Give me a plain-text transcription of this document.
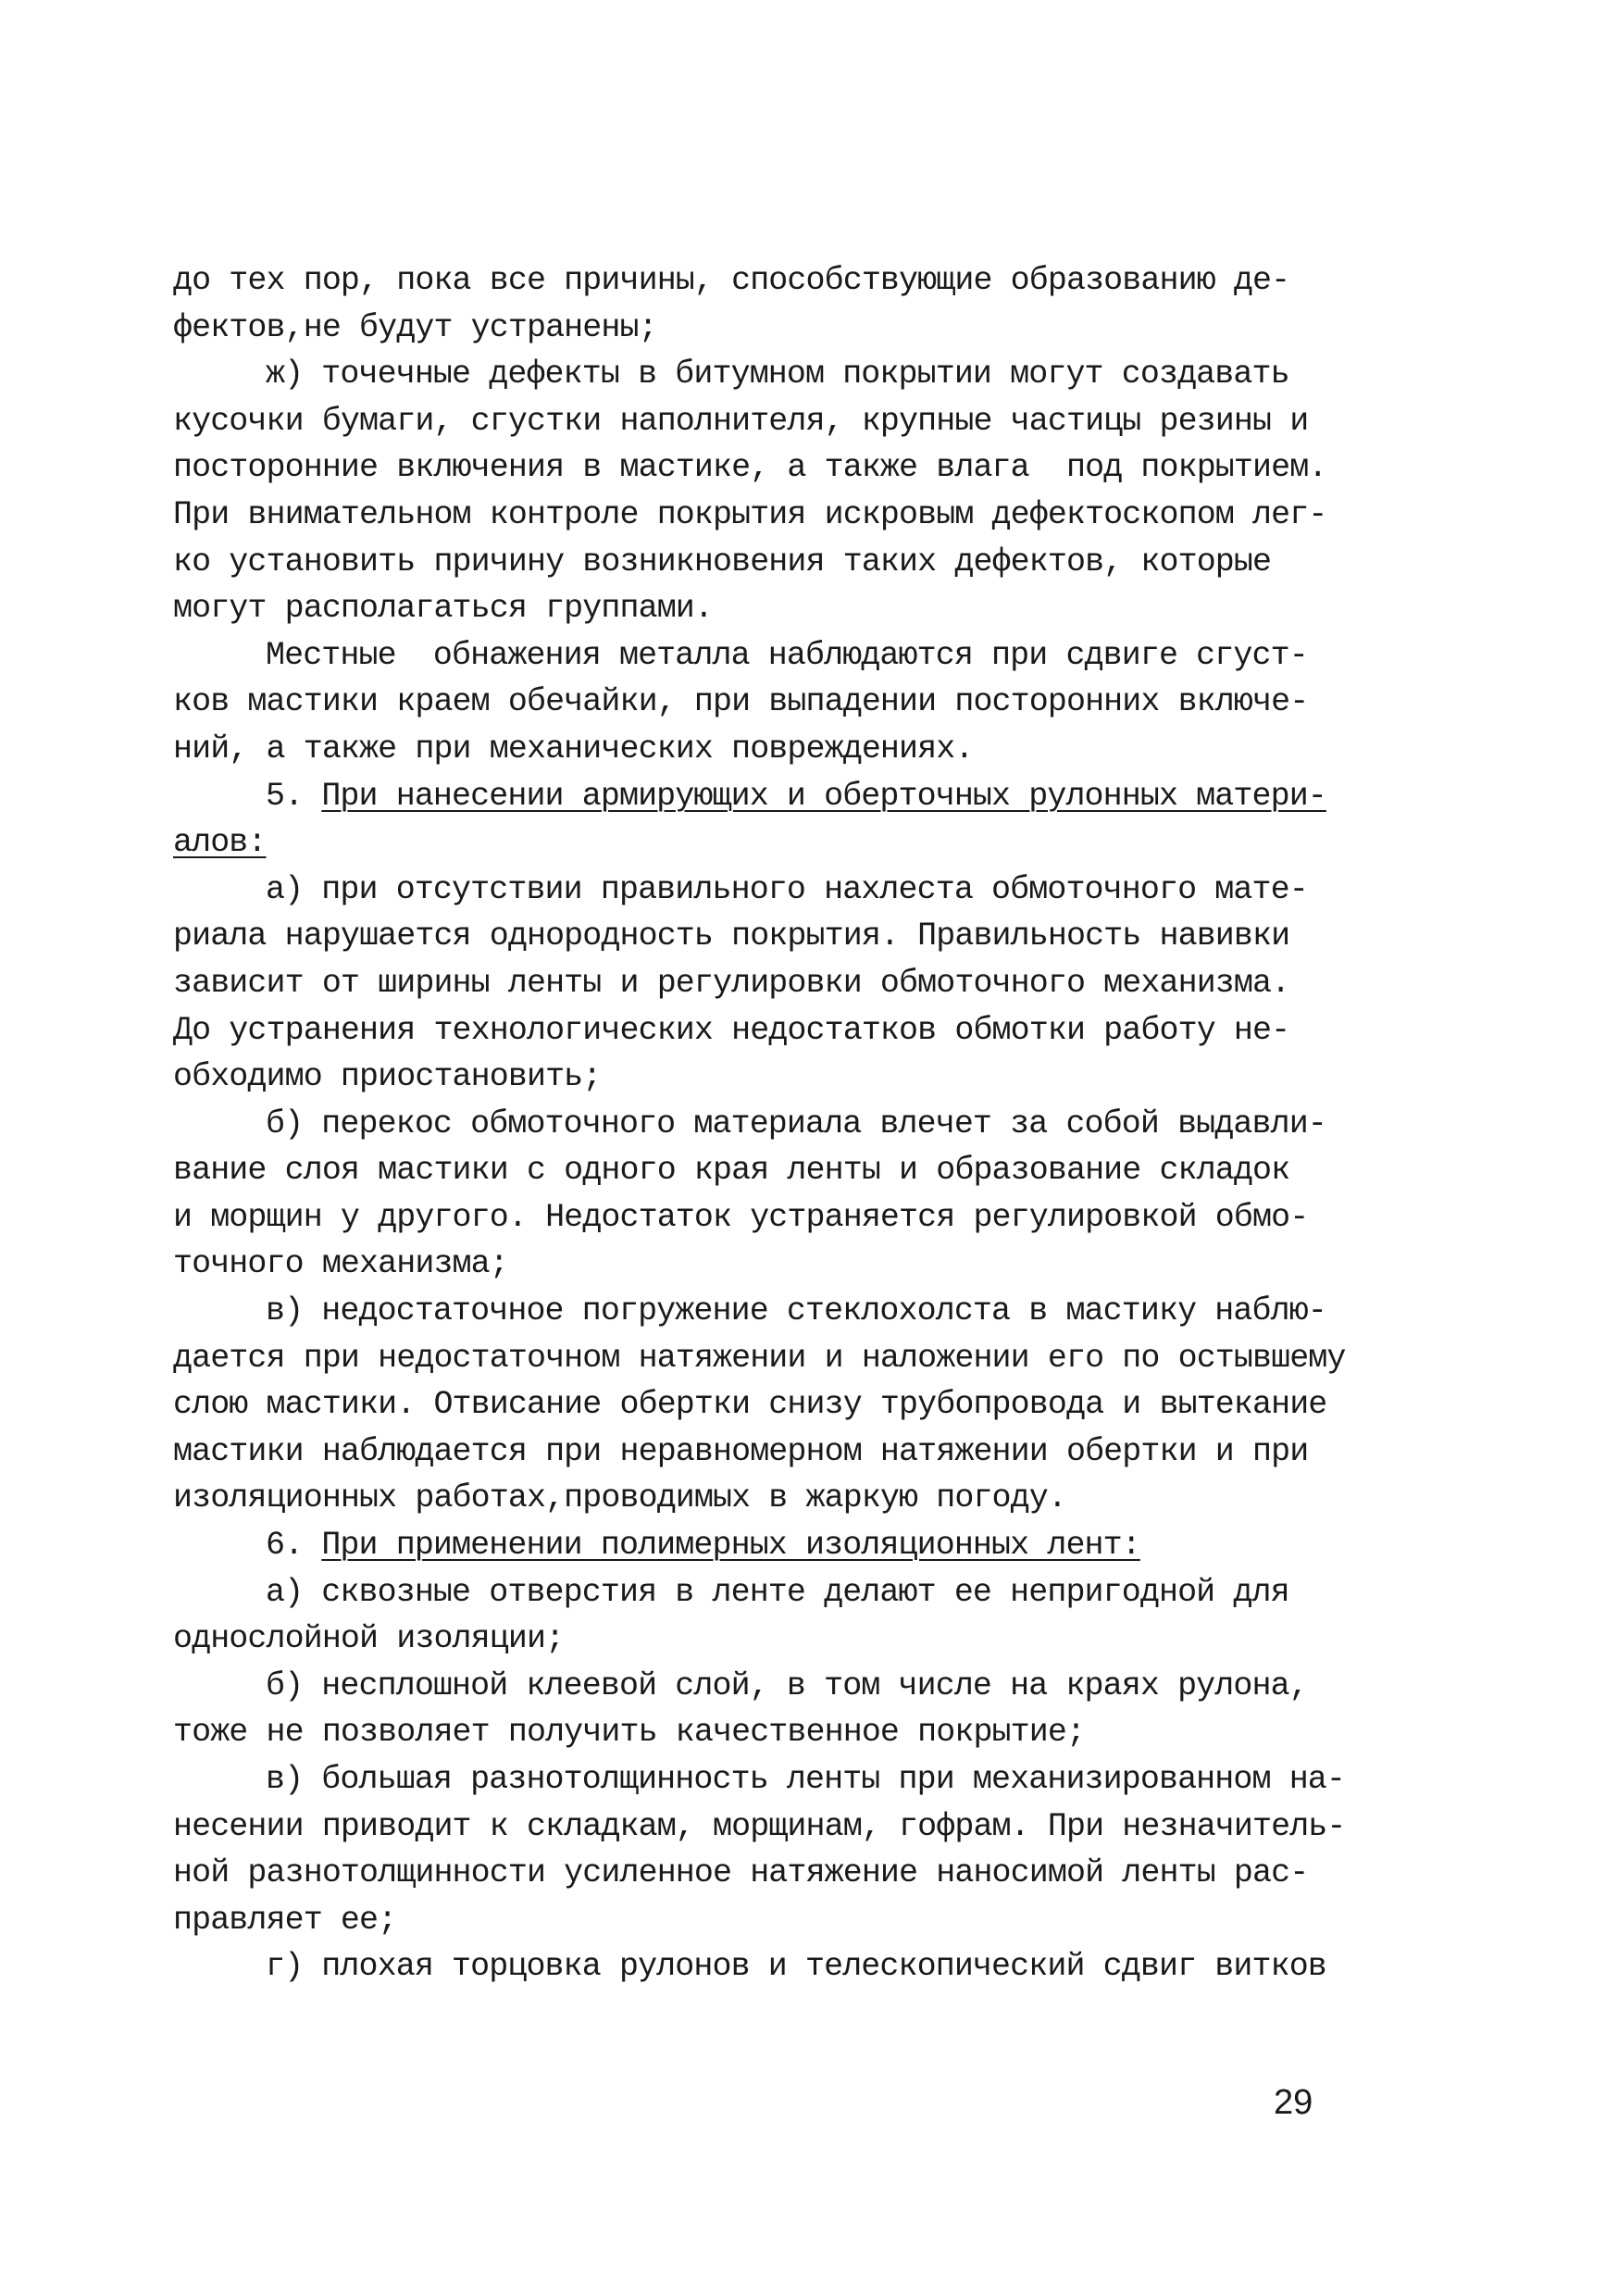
до тех пор, пока все причины, способствующие образованию де-
фектов,не будут устранены;
ж) точечные дефекты в битумном покрытии могут создавать
кусочки бумаги, сгустки наполнителя, крупные частицы резины и
посторонние включения в мастике, а также влага  под покрытием.
При внимательном контроле покрытия искровым дефектоскопом лег-
ко установить причину возникновения таких дефектов, которые
могут располагаться группами.
Местные  обнажения металла наблюдаются при сдвиге сгуст-
ков мастики краем обечайки, при выпадении посторонних включе-
ний, а также при механических повреждениях.
5. При нанесении армирующих и оберточных рулонных матери-
алов:
а) при отсутствии правильного нахлеста обмоточного мате-
риала нарушается однородность покрытия. Правильность навивки
зависит от ширины ленты и регулировки обмоточного механизма.
До устранения технологических недостатков обмотки работу не-
обходимо приостановить;
б) перекос обмоточного материала влечет за собой выдавли-
вание слоя мастики с одного края ленты и образование складок
и морщин у другого. Недостаток устраняется регулировкой обмо-
точного механизма;
в) недостаточное погружение стеклохолста в мастику наблю-
дается при недостаточном натяжении и наложении его по остывшему
слою мастики. Отвисание обертки снизу трубопровода и вытекание
мастики наблюдается при неравномерном натяжении обертки и при
изоляционных работах,проводимых в жаркую погоду.
6. При применении полимерных изоляционных лент:
а) сквозные отверстия в ленте делают ее непригодной для
однослойной изоляции;
б) несплошной клеевой слой, в том числе на краях рулона,
тоже не позволяет получить качественное покрытие;
в) большая разнотолщинность ленты при механизированном на-
несении приводит к складкам, морщинам, гофрам. При незначитель-
ной разнотолщинности усиленное натяжение наносимой ленты рас-
правляет ее;
г) плохая торцовка рулонов и телескопический сдвиг витков
29
